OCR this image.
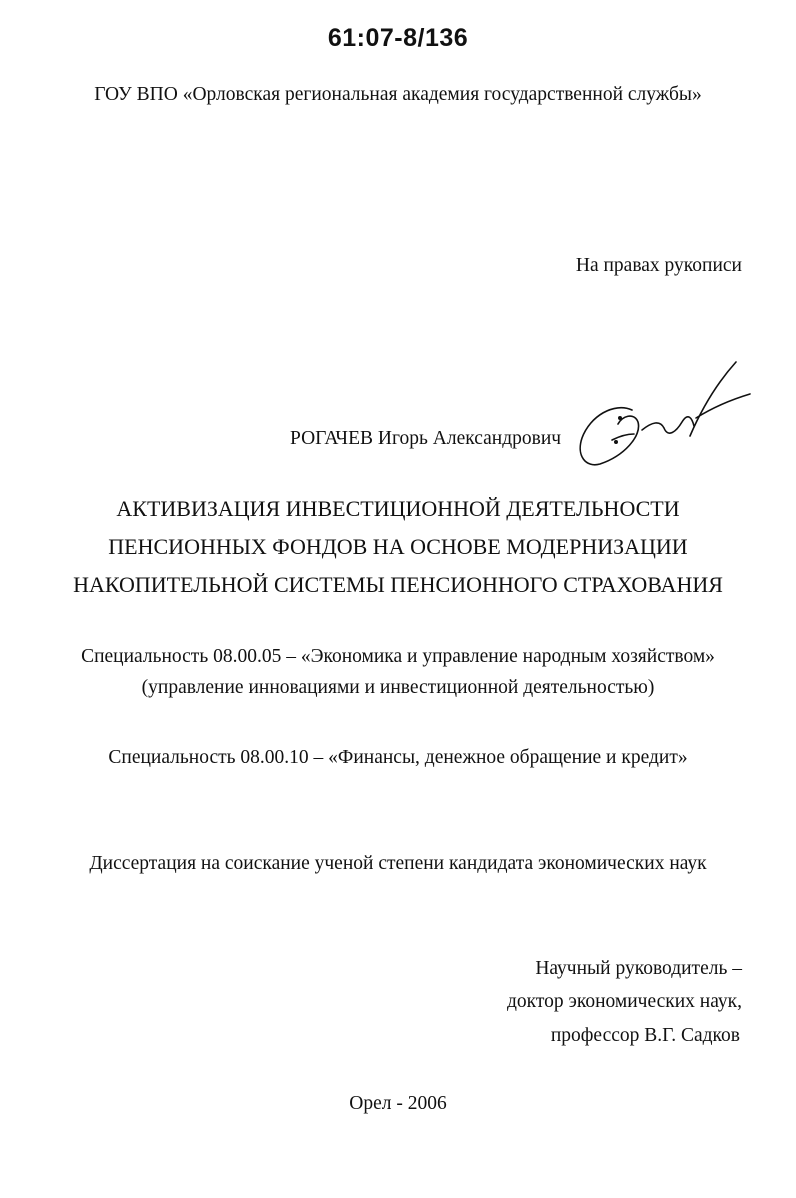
61:07-8/136
ГОУ ВПО «Орловская региональная академия государственной службы»
На правах рукописи
РОГАЧЕВ Игорь Александрович
АКТИВИЗАЦИЯ ИНВЕСТИЦИОННОЙ ДЕЯТЕЛЬНОСТИ
ПЕНСИОННЫХ ФОНДОВ НА ОСНОВЕ МОДЕРНИЗАЦИИ
НАКОПИТЕЛЬНОЙ СИСТЕМЫ ПЕНСИОННОГО СТРАХОВАНИЯ
Специальность 08.00.05 – «Экономика и управление народным хозяйством»
(управление инновациями и инвестиционной деятельностью)
Специальность 08.00.10 – «Финансы, денежное обращение и кредит»
Диссертация на соискание ученой степени кандидата экономических наук
Научный руководитель –
доктор экономических наук,
профессор В.Г. Садков
Орел - 2006
